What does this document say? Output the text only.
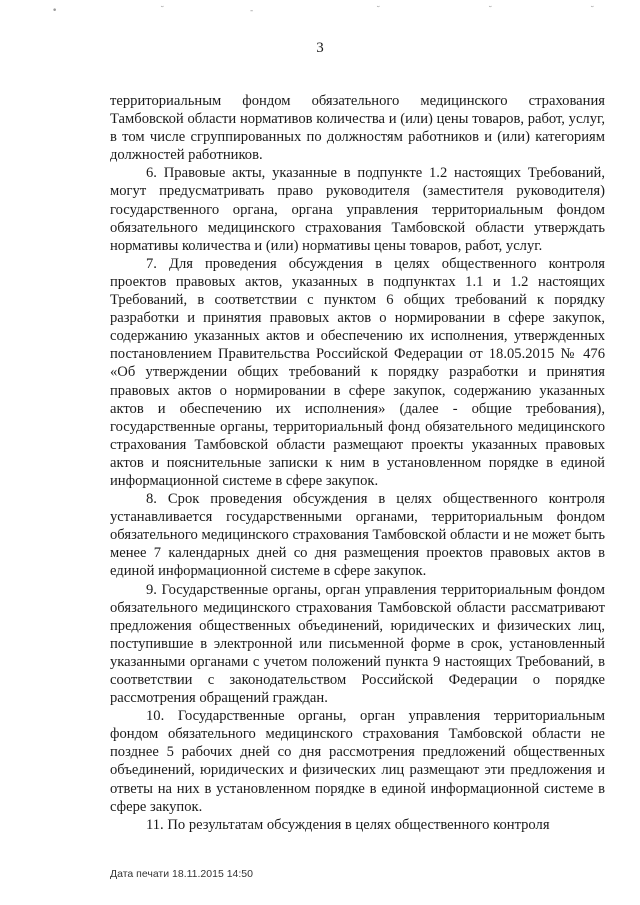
•	˘	-	˘	˘	˘
3

территориальным фондом обязательного медицинского страхования Тамбовской области нормативов количества и (или) цены товаров, работ, услуг, в том числе сгруппированных по должностям работников и (или) категориям должностей работников.

6. Правовые акты, указанные в подпункте 1.2 настоящих Требований, могут предусматривать право руководителя (заместителя руководителя) государственного органа, органа управления территориальным фондом обязательного медицинского страхования Тамбовской области утверждать нормативы количества и (или) нормативы цены товаров, работ, услуг.

7. Для проведения обсуждения в целях общественного контроля проектов правовых актов, указанных в подпунктах 1.1 и 1.2 настоящих Требований, в соответствии с пунктом 6 общих требований к порядку разработки и принятия правовых актов о нормировании в сфере закупок, содержанию указанных актов и обеспечению их исполнения, утвержденных постановлением Правительства Российской Федерации от 18.05.2015 № 476 «Об утверждении общих требований к порядку разработки и принятия правовых актов о нормировании в сфере закупок, содержанию указанных актов и обеспечению их исполнения» (далее - общие требования), государственные органы, территориальный фонд обязательного медицинского страхования Тамбовской области размещают проекты указанных правовых актов и пояснительные записки к ним в установленном порядке в единой информационной системе в сфере закупок.

8. Срок проведения обсуждения в целях общественного контроля устанавливается государственными органами, территориальным фондом обязательного медицинского страхования Тамбовской области и не может быть менее 7 календарных дней со дня размещения проектов правовых актов в единой информационной системе в сфере закупок.

9. Государственные органы, орган управления территориальным фондом обязательного медицинского страхования Тамбовской области рассматривают предложения общественных объединений, юридических и физических лиц, поступившие в электронной или письменной форме в срок, установленный указанными органами с учетом положений пункта 9 настоящих Требований, в соответствии с законодательством Российской Федерации о порядке рассмотрения обращений граждан.

10. Государственные органы, орган управления территориальным фондом обязательного медицинского страхования Тамбовской области не позднее 5 рабочих дней со дня рассмотрения предложений общественных объединений, юридических и физических лиц размещают эти предложения и ответы на них в установленном порядке в единой информационной системе в сфере закупок.

11. По результатам обсуждения в целях общественного контроля

Дата печати 18.11.2015 14:50
